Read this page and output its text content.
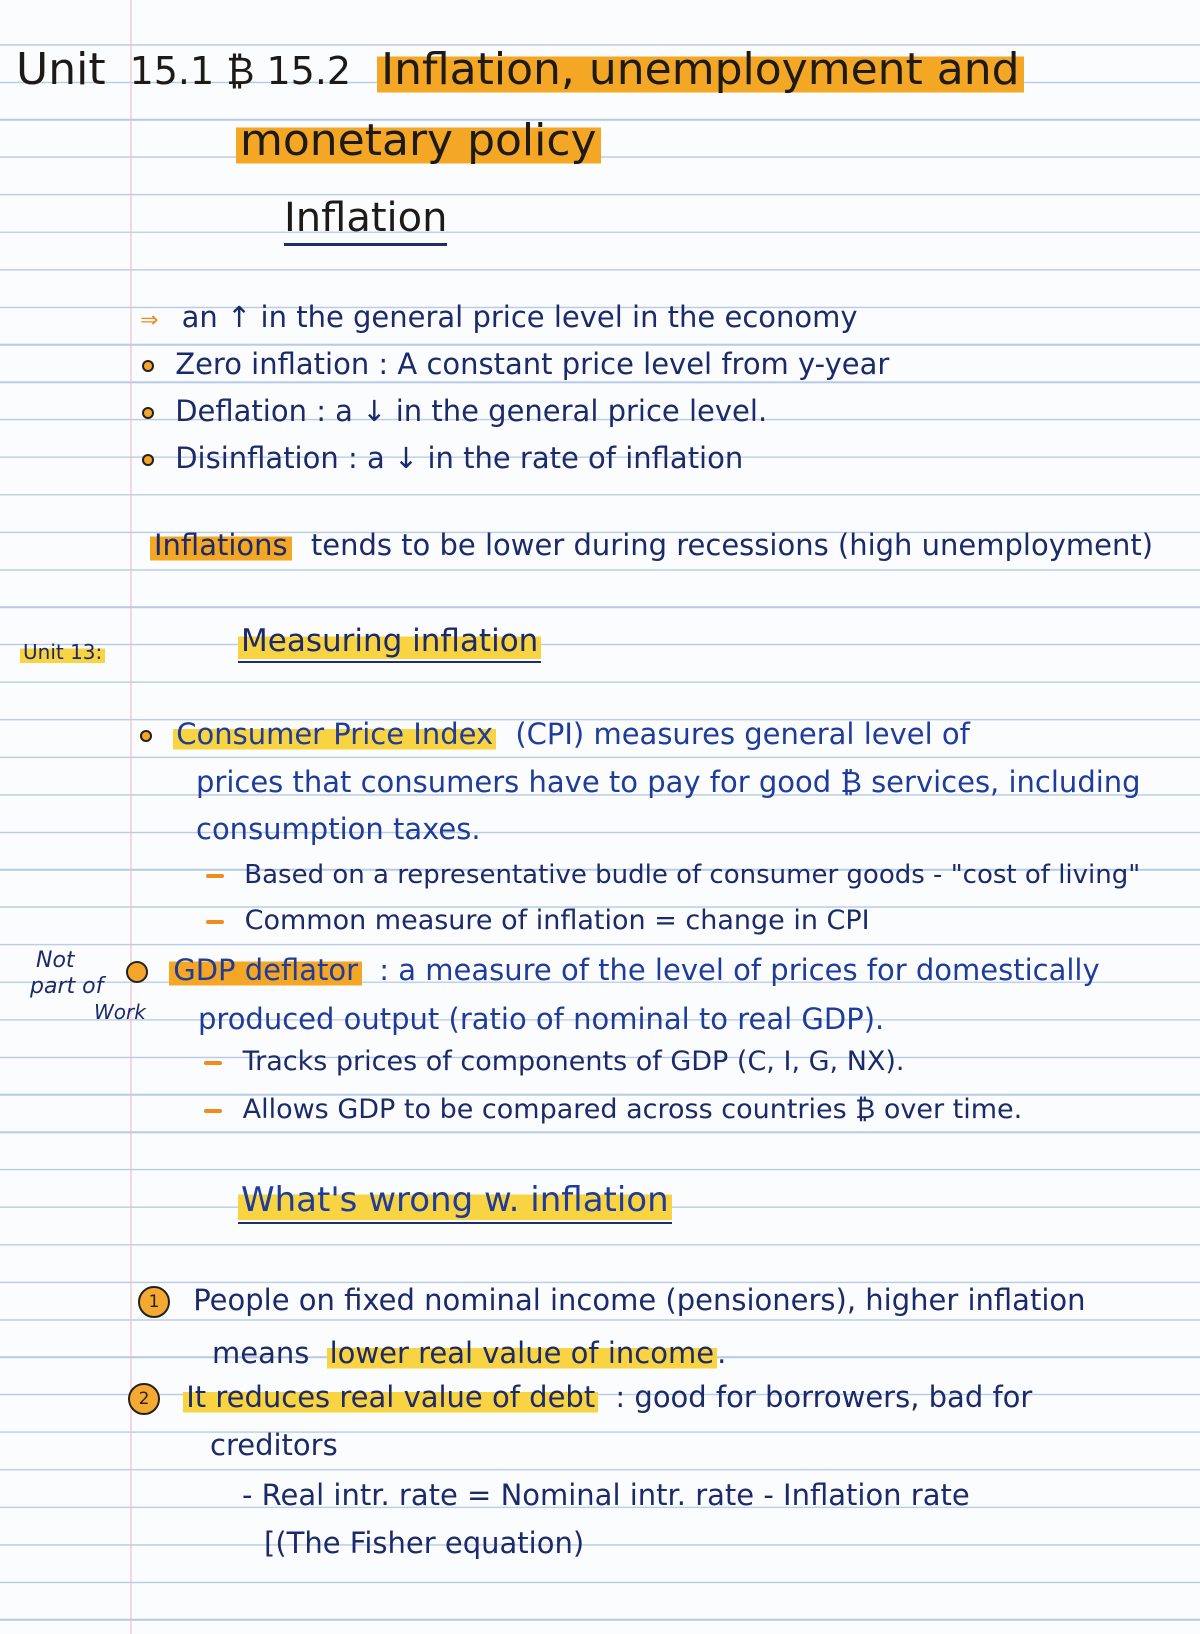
Unit 15.1 ₿ 15.2 Inflation, unemployment and
monetary policy
Inflation
⇒ an ↑ in the general price level in the economy
Zero inflation : A constant price level from y-year
Deflation : a ↓ in the general price level.
Disinflation : a ↓ in the rate of inflation
Inflations tends to be lower during recessions (high unemployment)
Unit 13:	Measuring inflation
Consumer Price Index (CPI) measures general level of
prices that consumers have to pay for good ₿ services, including
consumption taxes.
Based on a representative budle of consumer goods - "cost of living"
Common measure of inflation = change in CPI
Not
part of
Work
GDP deflator : a measure of the level of prices for domestically
produced output (ratio of nominal to real GDP).
Tracks prices of components of GDP (C, I, G, NX).
Allows GDP to be compared across countries ₿ over time.
What's wrong w. inflation
1 People on fixed nominal income (pensioners), higher inflation
means lower real value of income .
2 It reduces real value of debt : good for borrowers, bad for
creditors
- Real intr. rate = Nominal intr. rate - Inflation rate
[(The Fisher equation)
